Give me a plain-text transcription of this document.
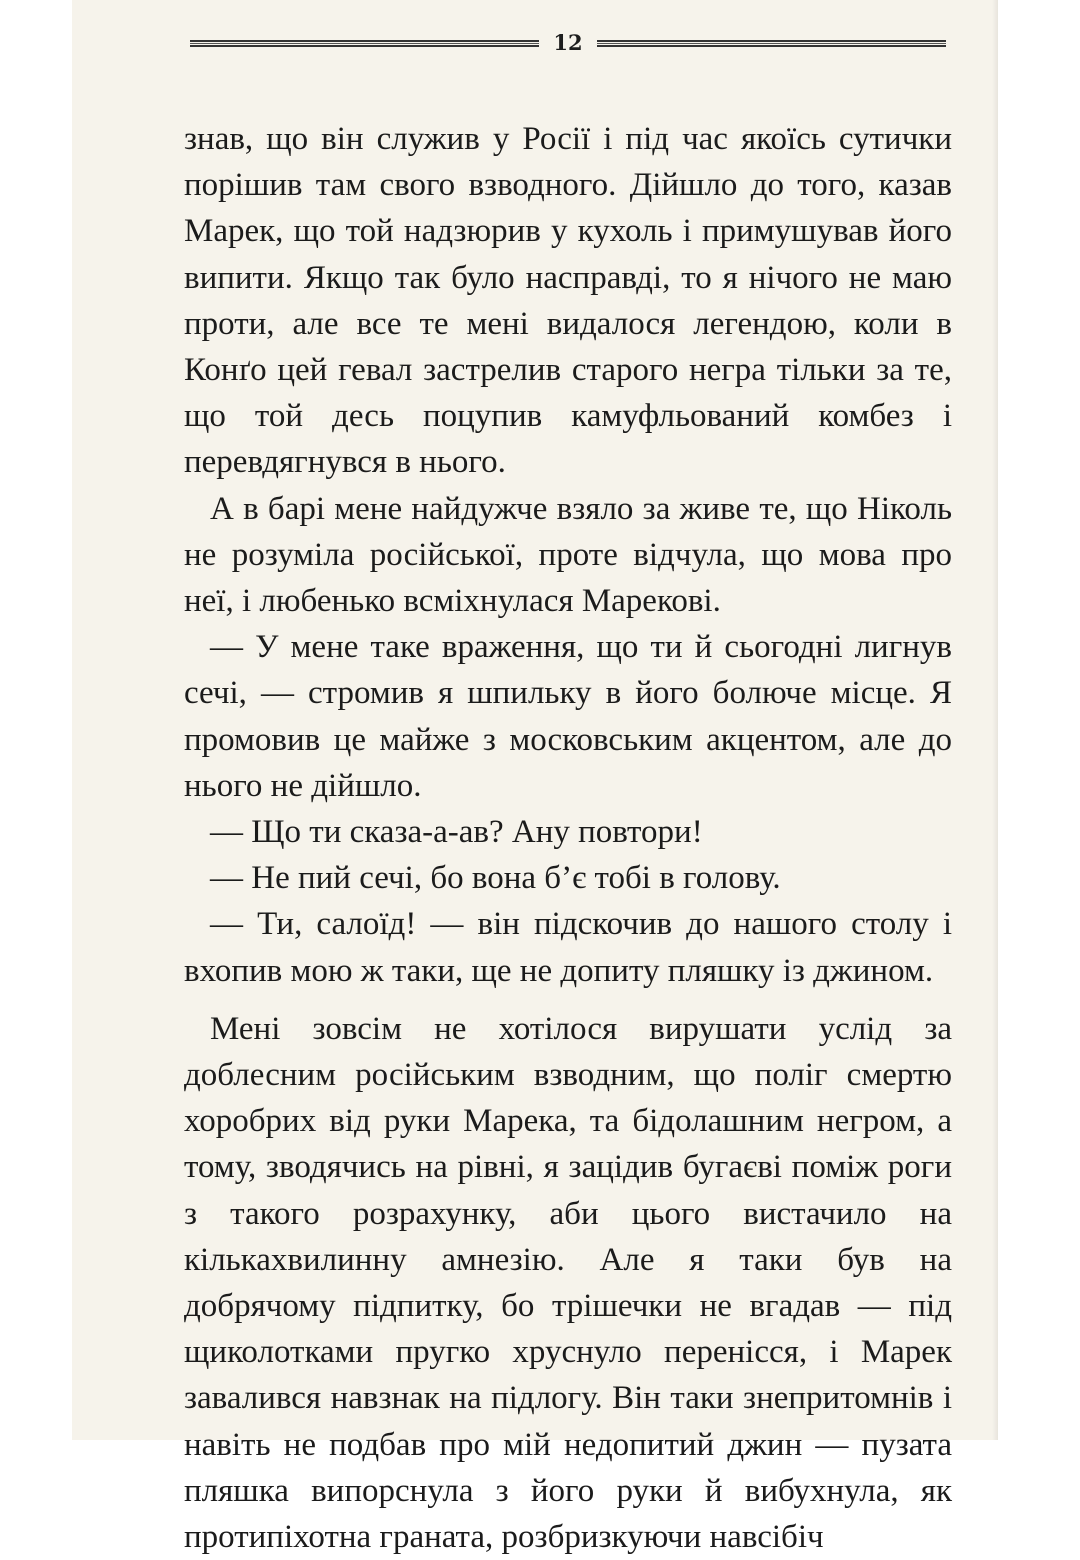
12

знав, що він служив у Росії і під час якоїсь сутички порішив там свого взводного. Дійшло до того, казав Марек, що той надзюрив у кухоль і примушував його випити. Якщо так було насправді, то я нічого не маю проти, але все те мені видалося легендою, коли в Конґо цей гевал застрелив старого негра тільки за те, що той десь поцупив камуфльований комбез і перевдягнувся в нього.

А в барі мене найдужче взяло за живе те, що Ніколь не розуміла російської, проте відчула, що мова про неї, і любенько всміхнулася Марекові.

— У мене таке враження, що ти й сьогодні лигнув сечі, — стромив я шпильку в його болюче місце. Я промовив це майже з московським акцентом, але до нього не дійшло.

— Що ти сказа-а-ав? Ану повтори!

— Не пий сечі, бо вона б’є тобі в голову.

— Ти, салоїд! — він підскочив до нашого столу і вхопив мою ж таки, ще не допиту пляшку із джином.

Мені зовсім не хотілося вирушати услід за доблесним російським взводним, що поліг смертю хоробрих від руки Марека, та бідолашним негром, а тому, зводячись на рівні, я зацідив бугаєві поміж роги з такого розрахунку, аби цього вистачило на кількахвилинну амнезію. Але я таки був на добрячому підпитку, бо трішечки не вгадав — під щиколотками пругко хруснуло перенісся, і Марек завалився навзнак на підлогу. Він таки знепритомнів і навіть не подбав про мій недопитий джин — пузата пляшка випорснула з його руки й вибухнула, як протипіхотна граната, розбризкуючи навсібіч
